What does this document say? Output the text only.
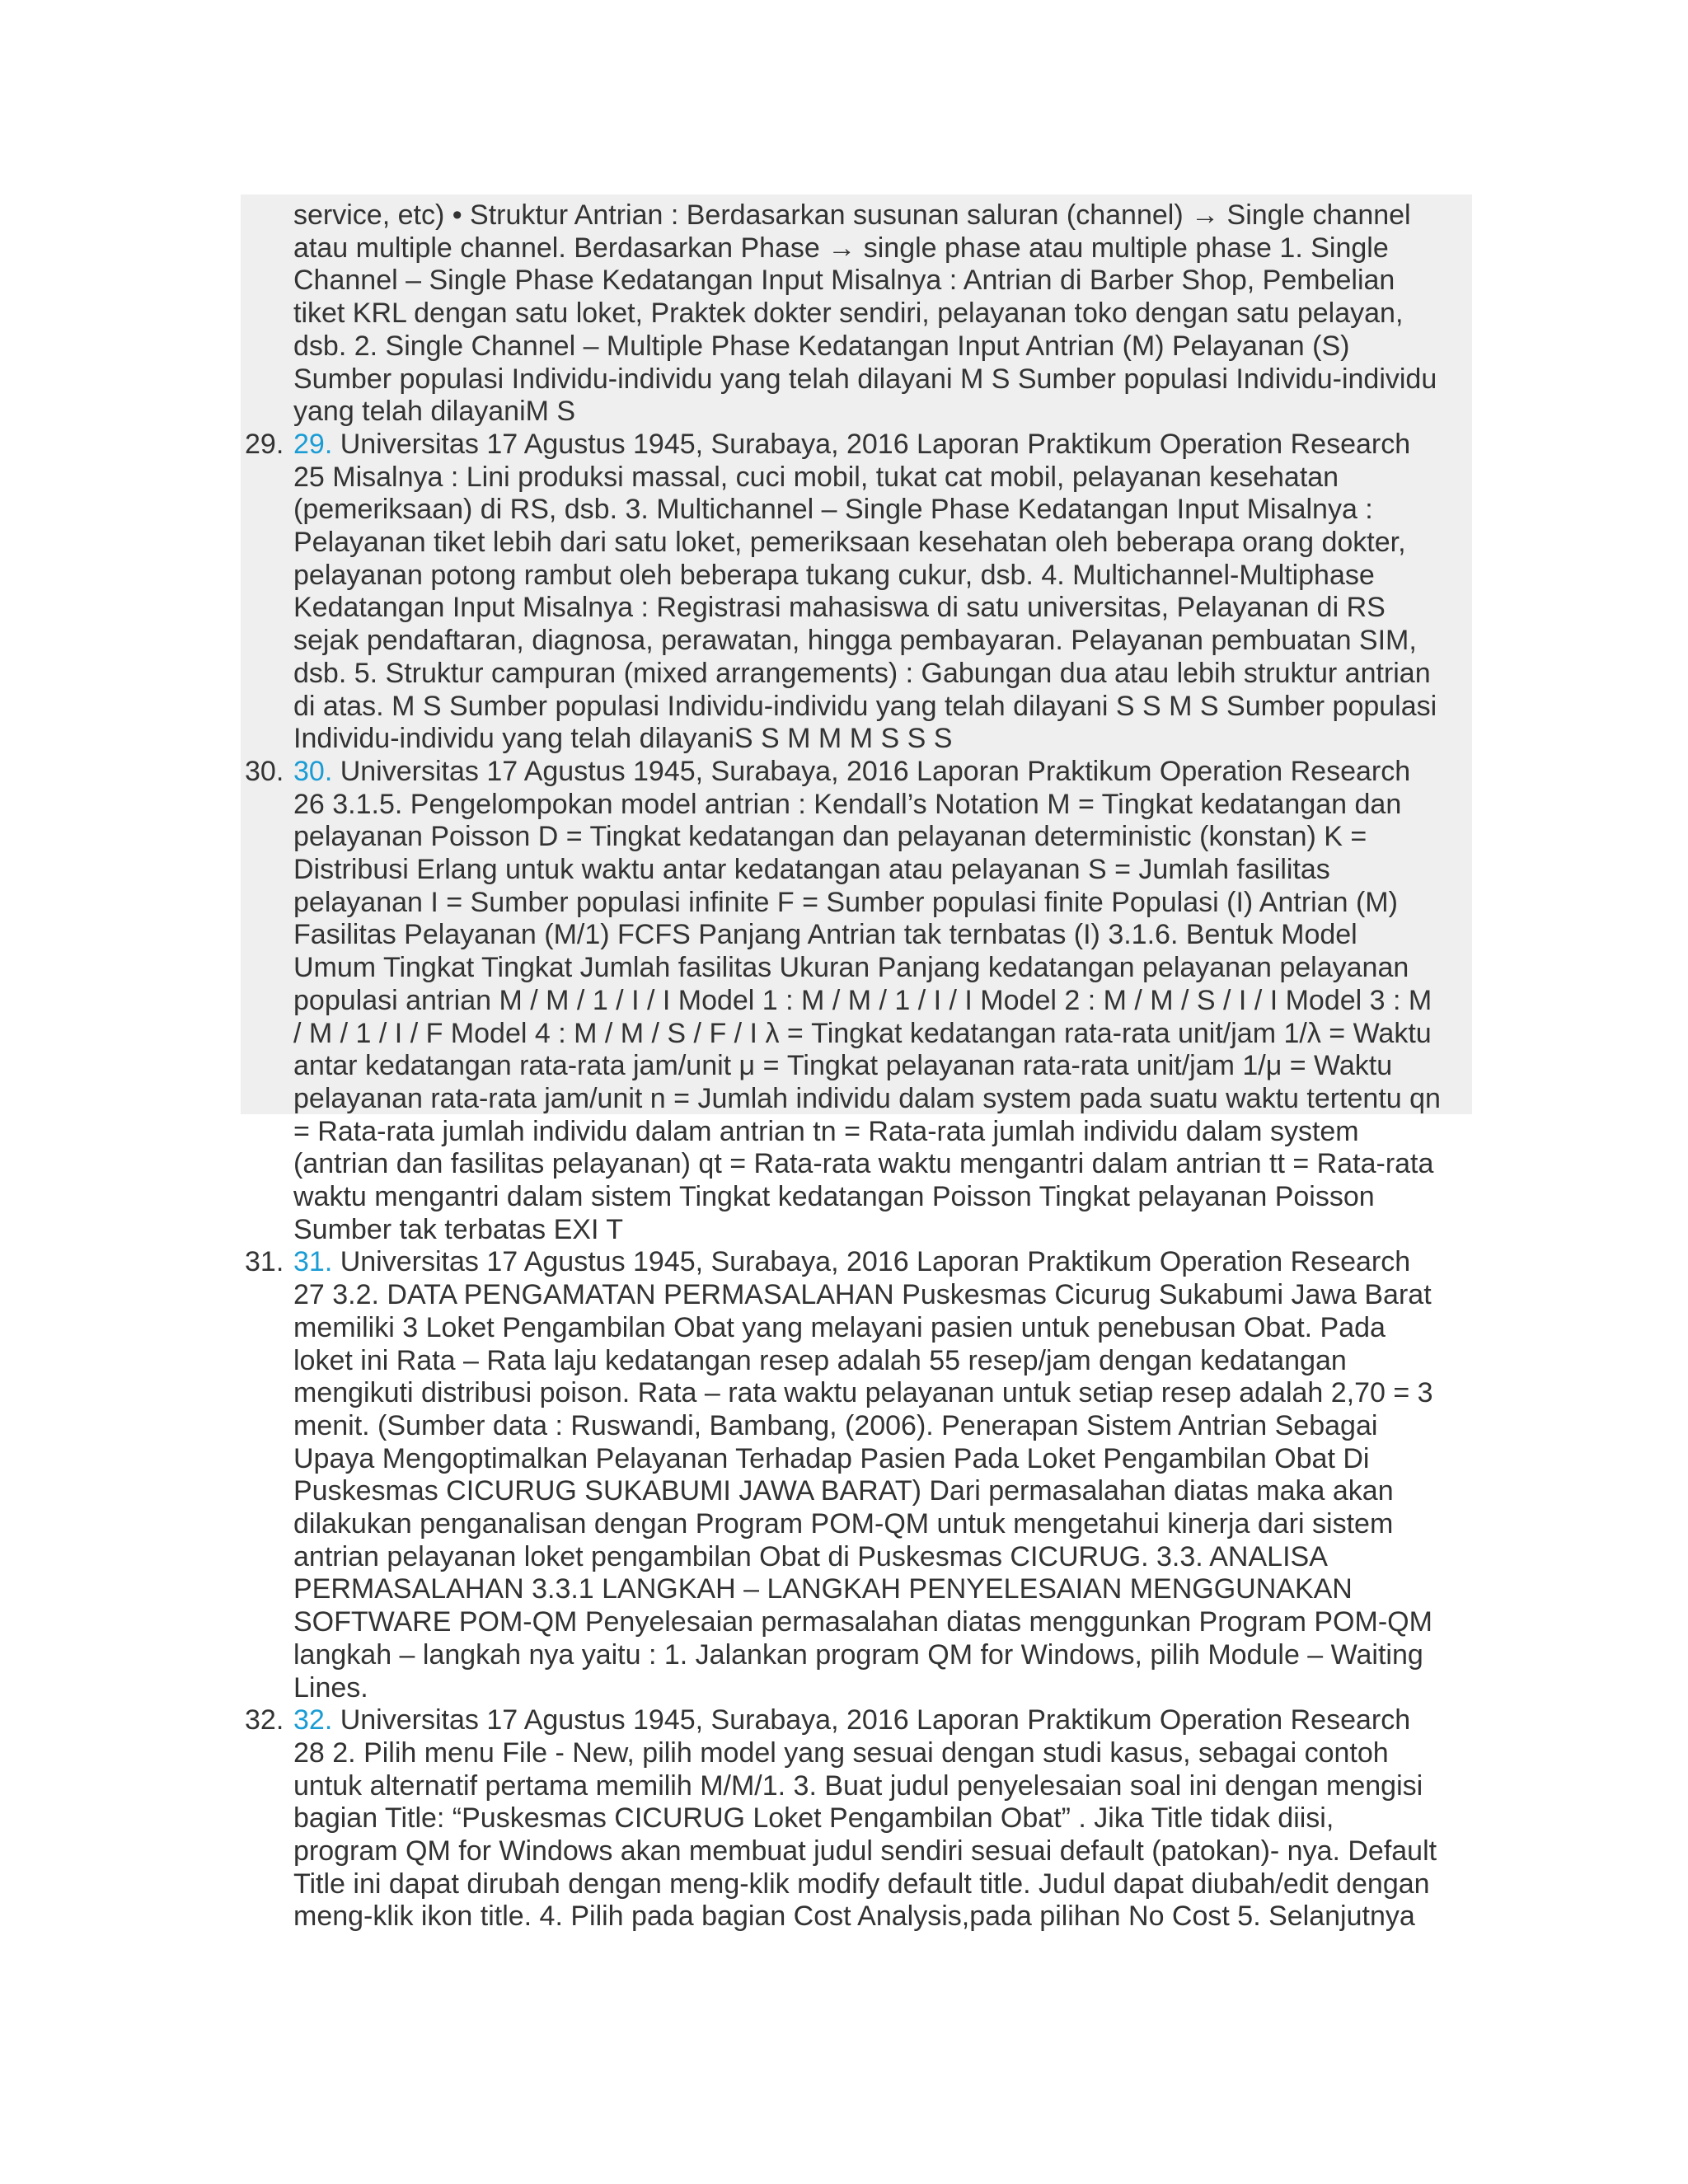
service, etc) • Struktur Antrian : Berdasarkan susunan saluran (channel) → Single channel
atau multiple channel. Berdasarkan Phase → single phase atau multiple phase 1. Single
Channel – Single Phase Kedatangan Input Misalnya : Antrian di Barber Shop, Pembelian
tiket KRL dengan satu loket, Praktek dokter sendiri, pelayanan toko dengan satu pelayan,
dsb. 2. Single Channel – Multiple Phase Kedatangan Input Antrian (M) Pelayanan (S)
Sumber populasi Individu-individu yang telah dilayani M S Sumber populasi Individu-individu
yang telah dilayaniM S
29. 29. Universitas 17 Agustus 1945, Surabaya, 2016 Laporan Praktikum Operation Research
25 Misalnya : Lini produksi massal, cuci mobil, tukat cat mobil, pelayanan kesehatan
(pemeriksaan) di RS, dsb. 3. Multichannel – Single Phase Kedatangan Input Misalnya :
Pelayanan tiket lebih dari satu loket, pemeriksaan kesehatan oleh beberapa orang dokter,
pelayanan potong rambut oleh beberapa tukang cukur, dsb. 4. Multichannel-Multiphase
Kedatangan Input Misalnya : Registrasi mahasiswa di satu universitas, Pelayanan di RS
sejak pendaftaran, diagnosa, perawatan, hingga pembayaran. Pelayanan pembuatan SIM,
dsb. 5. Struktur campuran (mixed arrangements) : Gabungan dua atau lebih struktur antrian
di atas. M S Sumber populasi Individu-individu yang telah dilayani S S M S Sumber populasi
Individu-individu yang telah dilayaniS S M M M S S S
30. 30. Universitas 17 Agustus 1945, Surabaya, 2016 Laporan Praktikum Operation Research
26 3.1.5. Pengelompokan model antrian : Kendall’s Notation M = Tingkat kedatangan dan
pelayanan Poisson D = Tingkat kedatangan dan pelayanan deterministic (konstan) K =
Distribusi Erlang untuk waktu antar kedatangan atau pelayanan S = Jumlah fasilitas
pelayanan I = Sumber populasi infinite F = Sumber populasi finite Populasi (I) Antrian (M)
Fasilitas Pelayanan (M/1) FCFS Panjang Antrian tak ternbatas (I) 3.1.6. Bentuk Model
Umum Tingkat Tingkat Jumlah fasilitas Ukuran Panjang kedatangan pelayanan pelayanan
populasi antrian M / M / 1 / I / I Model 1 : M / M / 1 / I / I Model 2 : M / M / S / I / I Model 3 : M
/ M / 1 / I / F Model 4 : M / M / S / F / I λ = Tingkat kedatangan rata-rata unit/jam 1/λ = Waktu
antar kedatangan rata-rata jam/unit μ = Tingkat pelayanan rata-rata unit/jam 1/μ = Waktu
pelayanan rata-rata jam/unit n = Jumlah individu dalam system pada suatu waktu tertentu qn
= Rata-rata jumlah individu dalam antrian tn = Rata-rata jumlah individu dalam system
(antrian dan fasilitas pelayanan) qt = Rata-rata waktu mengantri dalam antrian tt = Rata-rata
waktu mengantri dalam sistem Tingkat kedatangan Poisson Tingkat pelayanan Poisson
Sumber tak terbatas EXI T
31. 31. Universitas 17 Agustus 1945, Surabaya, 2016 Laporan Praktikum Operation Research
27 3.2. DATA PENGAMATAN PERMASALAHAN Puskesmas Cicurug Sukabumi Jawa Barat
memiliki 3 Loket Pengambilan Obat yang melayani pasien untuk penebusan Obat. Pada
loket ini Rata – Rata laju kedatangan resep adalah 55 resep/jam dengan kedatangan
mengikuti distribusi poison. Rata – rata waktu pelayanan untuk setiap resep adalah 2,70 = 3
menit. (Sumber data : Ruswandi, Bambang, (2006). Penerapan Sistem Antrian Sebagai
Upaya Mengoptimalkan Pelayanan Terhadap Pasien Pada Loket Pengambilan Obat Di
Puskesmas CICURUG SUKABUMI JAWA BARAT) Dari permasalahan diatas maka akan
dilakukan penganalisan dengan Program POM-QM untuk mengetahui kinerja dari sistem
antrian pelayanan loket pengambilan Obat di Puskesmas CICURUG. 3.3. ANALISA
PERMASALAHAN 3.3.1 LANGKAH – LANGKAH PENYELESAIAN MENGGUNAKAN
SOFTWARE POM-QM Penyelesaian permasalahan diatas menggunkan Program POM-QM
langkah – langkah nya yaitu : 1. Jalankan program QM for Windows, pilih Module – Waiting
Lines.
32. 32. Universitas 17 Agustus 1945, Surabaya, 2016 Laporan Praktikum Operation Research
28 2. Pilih menu File - New, pilih model yang sesuai dengan studi kasus, sebagai contoh
untuk alternatif pertama memilih M/M/1. 3. Buat judul penyelesaian soal ini dengan mengisi
bagian Title: “Puskesmas CICURUG Loket Pengambilan Obat” . Jika Title tidak diisi,
program QM for Windows akan membuat judul sendiri sesuai default (patokan)- nya. Default
Title ini dapat dirubah dengan meng-klik modify default title. Judul dapat diubah/edit dengan
meng-klik ikon title. 4. Pilih pada bagian Cost Analysis,pada pilihan No Cost 5. Selanjutnya
